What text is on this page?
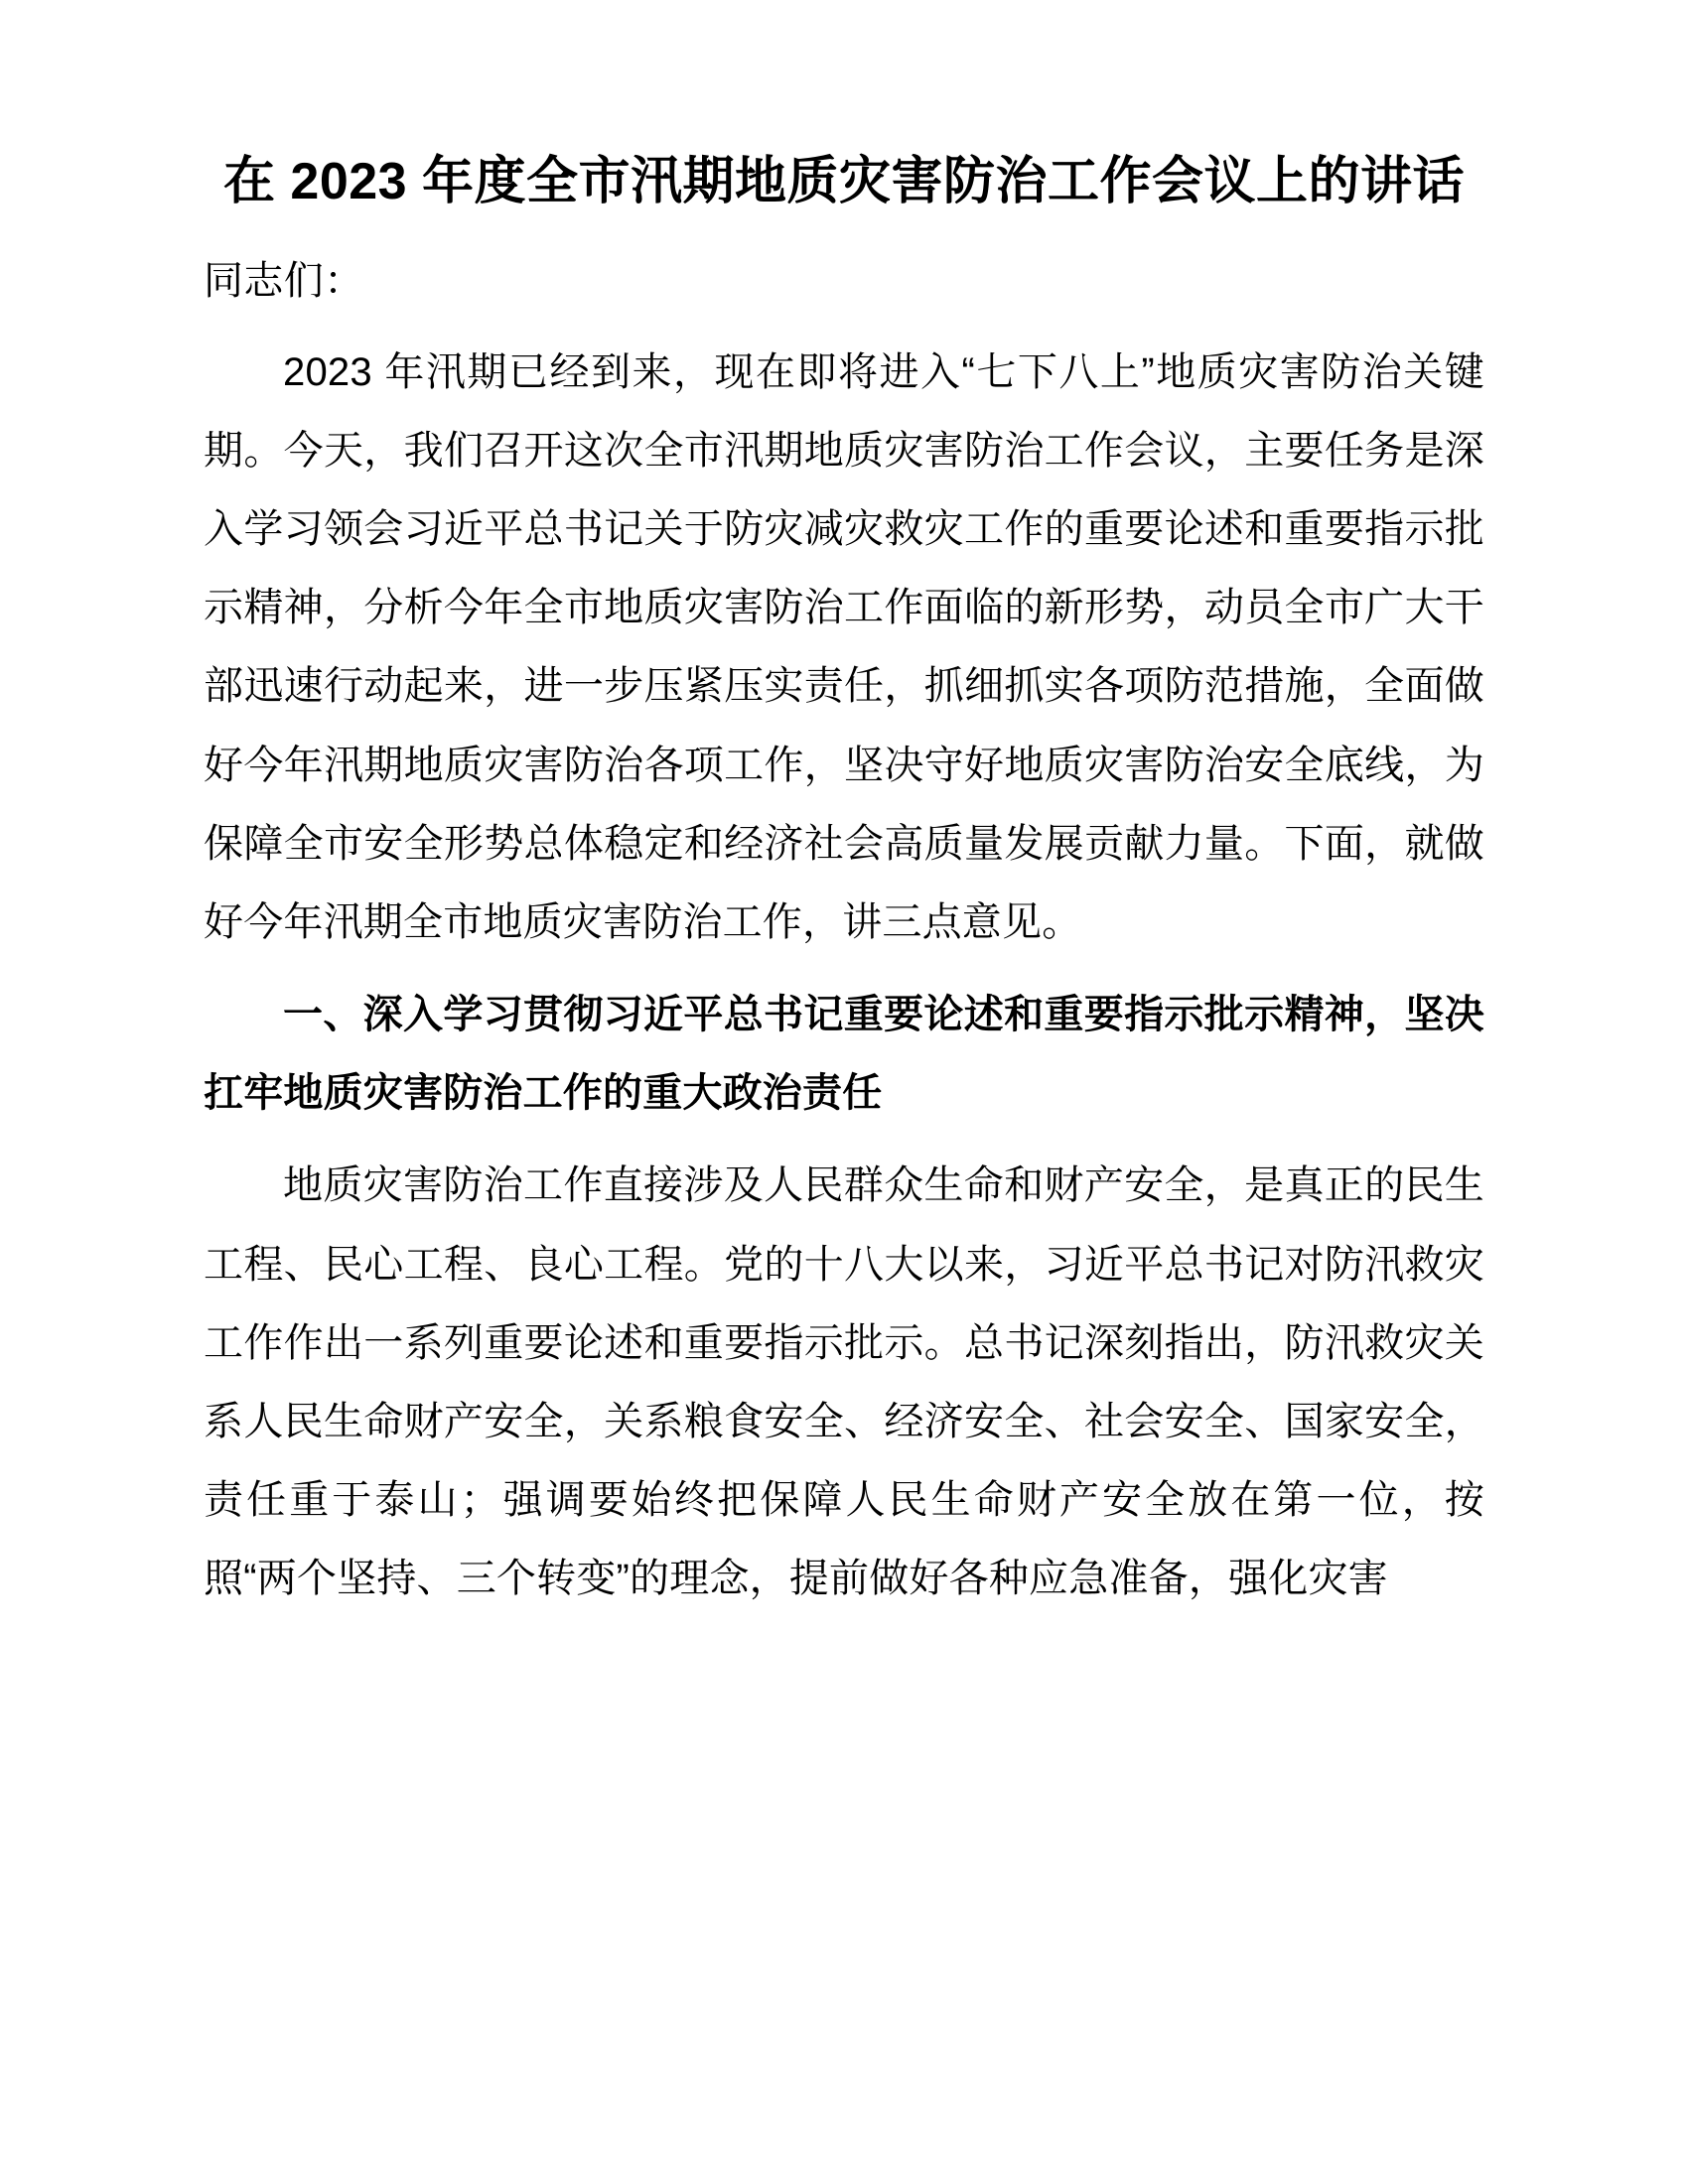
在 2023 年度全市汛期地质灾害防治工作会议上的讲话

同志们：

2023 年汛期已经到来，现在即将进入“七下八上”地质灾害防治关键期。今天，我们召开这次全市汛期地质灾害防治工作会议，主要任务是深入学习领会习近平总书记关于防灾减灾救灾工作的重要论述和重要指示批示精神，分析今年全市地质灾害防治工作面临的新形势，动员全市广大干部迅速行动起来，进一步压紧压实责任，抓细抓实各项防范措施，全面做好今年汛期地质灾害防治各项工作，坚决守好地质灾害防治安全底线，为保障全市安全形势总体稳定和经济社会高质量发展贡献力量。下面，就做好今年汛期全市地质灾害防治工作，讲三点意见。

一、深入学习贯彻习近平总书记重要论述和重要指示批示精神，坚决扛牢地质灾害防治工作的重大政治责任

地质灾害防治工作直接涉及人民群众生命和财产安全，是真正的民生工程、民心工程、良心工程。党的十八大以来，习近平总书记对防汛救灾工作作出一系列重要论述和重要指示批示。总书记深刻指出，防汛救灾关系人民生命财产安全，关系粮食安全、经济安全、社会安全、国家安全，责任重于泰山；强调要始终把保障人民生命财产安全放在第一位，按照“两个坚持、三个转变”的理念，提前做好各种应急准备，强化灾害
